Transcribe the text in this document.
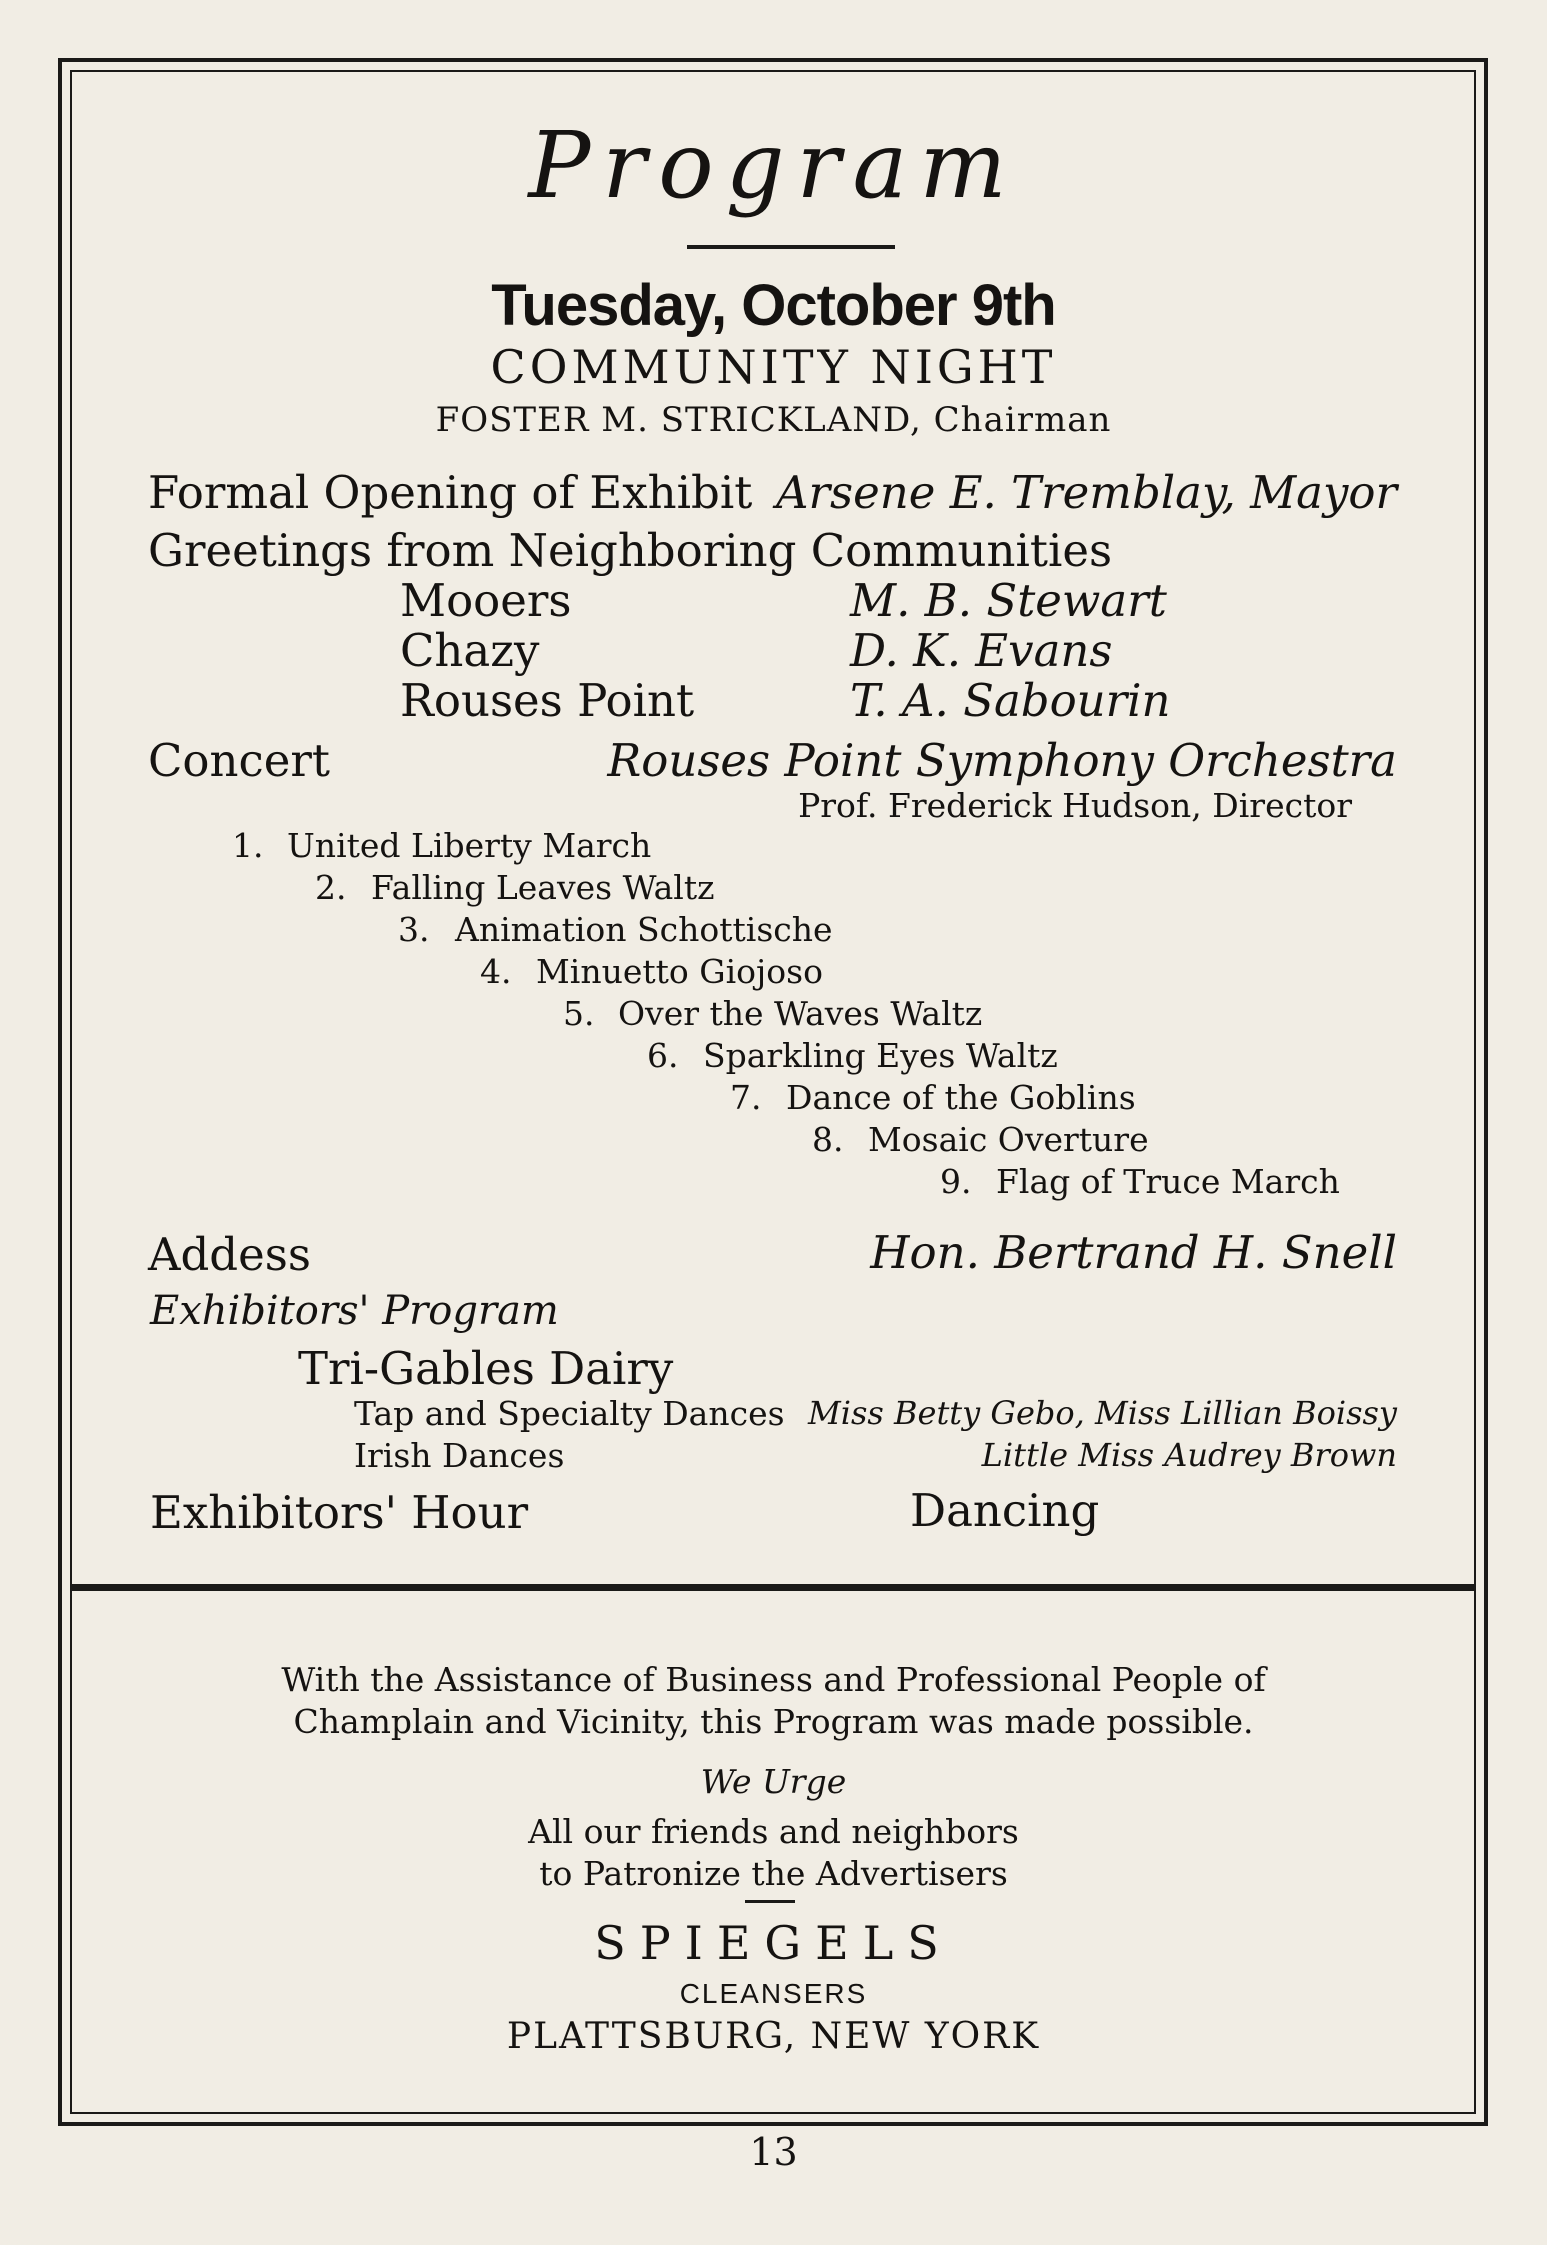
Program
Tuesday, October 9th
COMMUNITY NIGHT
FOSTER M. STRICKLAND, Chairman
Formal Opening of Exhibit Arsene E. Tremblay, Mayor
Greetings from Neighboring Communities
Mooers	M. B. Stewart
Chazy	D. K. Evans
Rouses Point	T. A. Sabourin
Concert	Rouses Point Symphony Orchestra
Prof. Frederick Hudson, Director
1. United Liberty March
2. Falling Leaves Waltz
3. Animation Schottische
4. Minuetto Giojoso
5. Over the Waves Waltz
6. Sparkling Eyes Waltz
7. Dance of the Goblins
8. Mosaic Overture
9. Flag of Truce March
Addess	Hon. Bertrand H. Snell
Exhibitors' Program
Tri-Gables Dairy
Tap and Specialty Dances Miss Betty Gebo, Miss Lillian Boissy
Irish Dances	Little Miss Audrey Brown
Exhibitors' Hour	Dancing
With the Assistance of Business and Professional People of
Champlain and Vicinity, this Program was made possible.
We Urge
All our friends and neighbors
to Patronize the Advertisers
SPIEGELS
CLEANSERS
PLATTSBURG, NEW YORK
13
